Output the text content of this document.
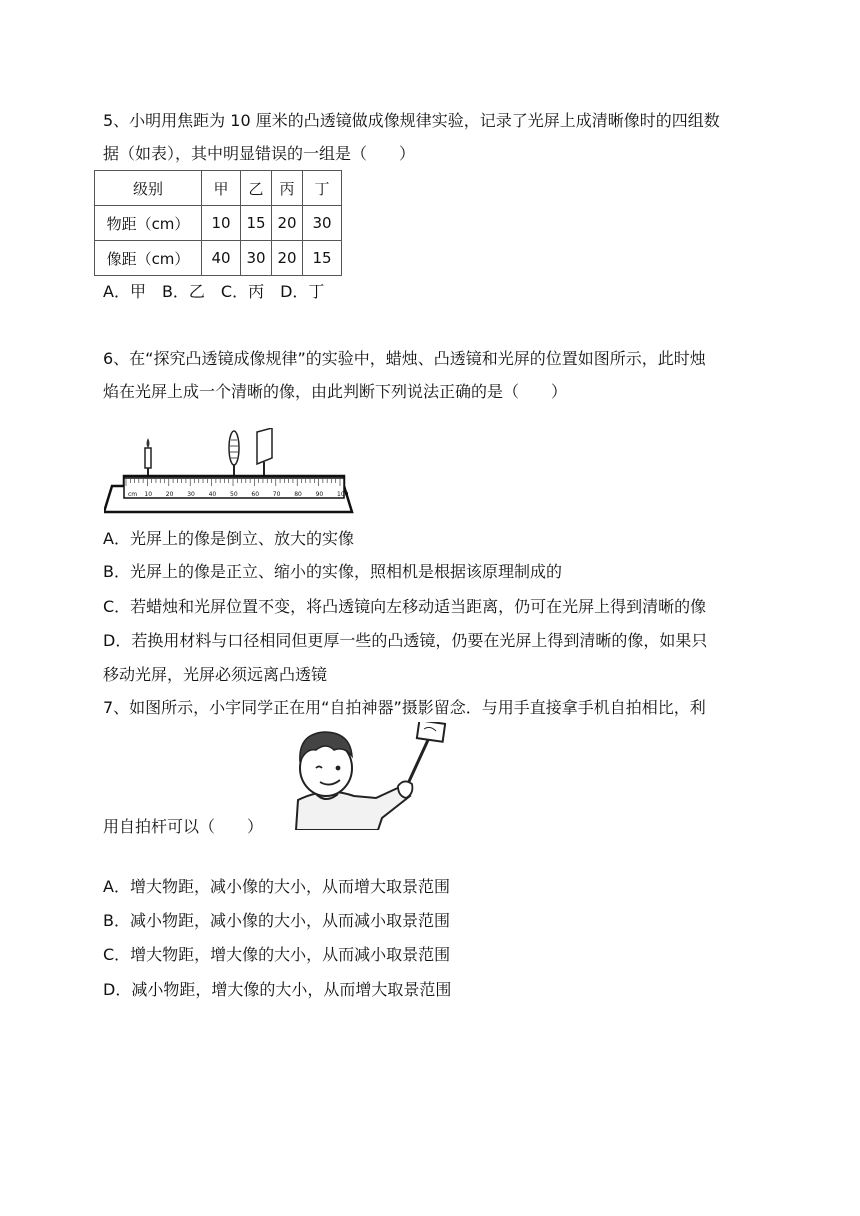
5、小明用焦距为 10 厘米的凸透镜做成像规律实验，记录了光屏上成清晰像时的四组数
据（如表），其中明显错误的一组是（　　）
级别	甲	乙	丙	丁
物距（cm）	10	15	20	30
像距（cm）	40	30	20	15
A．甲　B．乙　C．丙　D．丁
6、在“探究凸透镜成像规律”的实验中，蜡烛、凸透镜和光屏的位置如图所示，此时烛
焰在光屏上成一个清晰的像，由此判断下列说法正确的是（　　）
cm 10 20 30 40 50 60 70 80 90 100
A．光屏上的像是倒立、放大的实像
B．光屏上的像是正立、缩小的实像，照相机是根据该原理制成的
C．若蜡烛和光屏位置不变，将凸透镜向左移动适当距离，仍可在光屏上得到清晰的像
D．若换用材料与口径相同但更厚一些的凸透镜，仍要在光屏上得到清晰的像，如果只
移动光屏，光屏必须远离凸透镜
7、如图所示，小宇同学正在用“自拍神器”摄影留念．与用手直接拿手机自拍相比，利
用自拍杆可以（　　）
A．增大物距，减小像的大小，从而增大取景范围
B．减小物距，减小像的大小，从而减小取景范围
C．增大物距，增大像的大小，从而减小取景范围
D．减小物距，增大像的大小，从而增大取景范围
